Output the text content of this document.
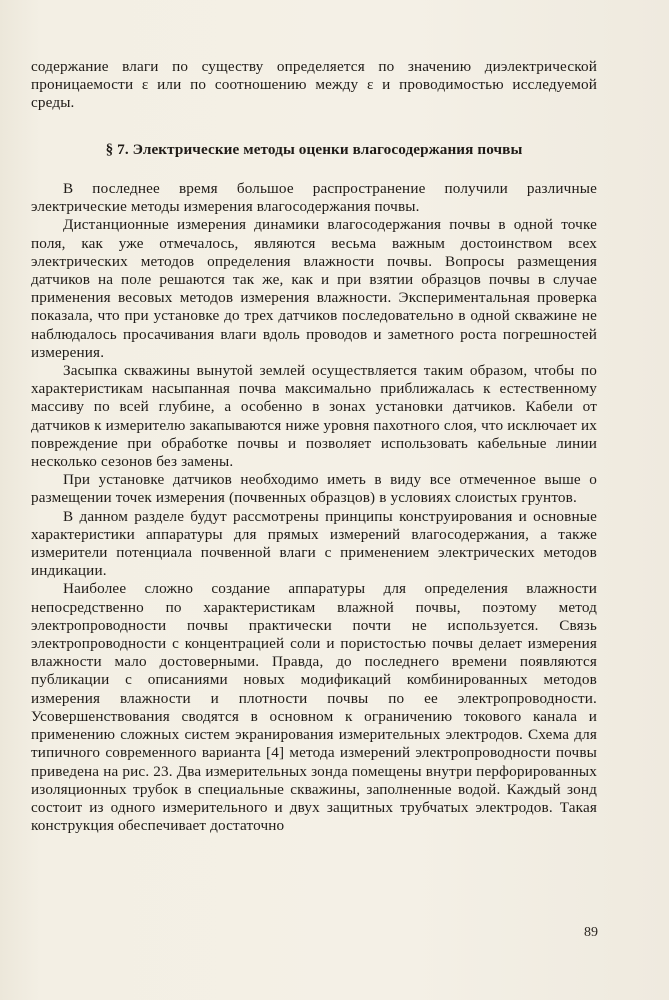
содержание влаги по существу определяется по значению диэлектрической проницаемости ε или по соотношению между ε и проводимостью исследуемой среды.
§ 7. Электрические методы оценки влагосодержания почвы

В последнее время большое распространение получили различные электрические методы измерения влагосодержания почвы.

Дистанционные измерения динамики влагосодержания почвы в одной точке поля, как уже отмечалось, являются весьма важным достоинством всех электрических методов определения влажности почвы. Вопросы размещения датчиков на поле решаются так же, как и при взятии образцов почвы в случае применения весовых методов измерения влажности. Экспериментальная проверка показала, что при установке до трех датчиков последовательно в одной скважине не наблюдалось просачивания влаги вдоль проводов и заметного роста погрешностей измерения.

Засыпка скважины вынутой землей осуществляется таким образом, чтобы по характеристикам насыпанная почва максимально приближалась к естественному массиву по всей глубине, а особенно в зонах установки датчиков. Кабели от датчиков к измерителю закапываются ниже уровня пахотного слоя, что исключает их повреждение при обработке почвы и позволяет использовать кабельные линии несколько сезонов без замены.

При установке датчиков необходимо иметь в виду все отмеченное выше о размещении точек измерения (почвенных образцов) в условиях слоистых грунтов.

В данном разделе будут рассмотрены принципы конструирования и основные характеристики аппаратуры для прямых измерений влагосодержания, а также измерители потенциала почвенной влаги с применением электрических методов индикации.

Наиболее сложно создание аппаратуры для определения влажности непосредственно по характеристикам влажной почвы, поэтому метод электропроводности почвы практически почти не используется. Связь электропроводности с концентрацией соли и пористостью почвы делает измерения влажности мало достоверными. Правда, до последнего времени появляются публикации с описаниями новых модификаций комбинированных методов измерения влажности и плотности почвы по ее электропроводности. Усовершенствования сводятся в основном к ограничению токового канала и применению сложных систем экранирования измерительных электродов. Схема для типичного современного варианта [4] метода измерений электропроводности почвы приведена на рис. 23. Два измерительных зонда помещены внутри перфорированных изоляционных трубок в специальные скважины, заполненные водой. Каждый зонд состоит из одного измерительного и двух защитных трубчатых электродов. Такая конструкция обеспечивает достаточно

89
